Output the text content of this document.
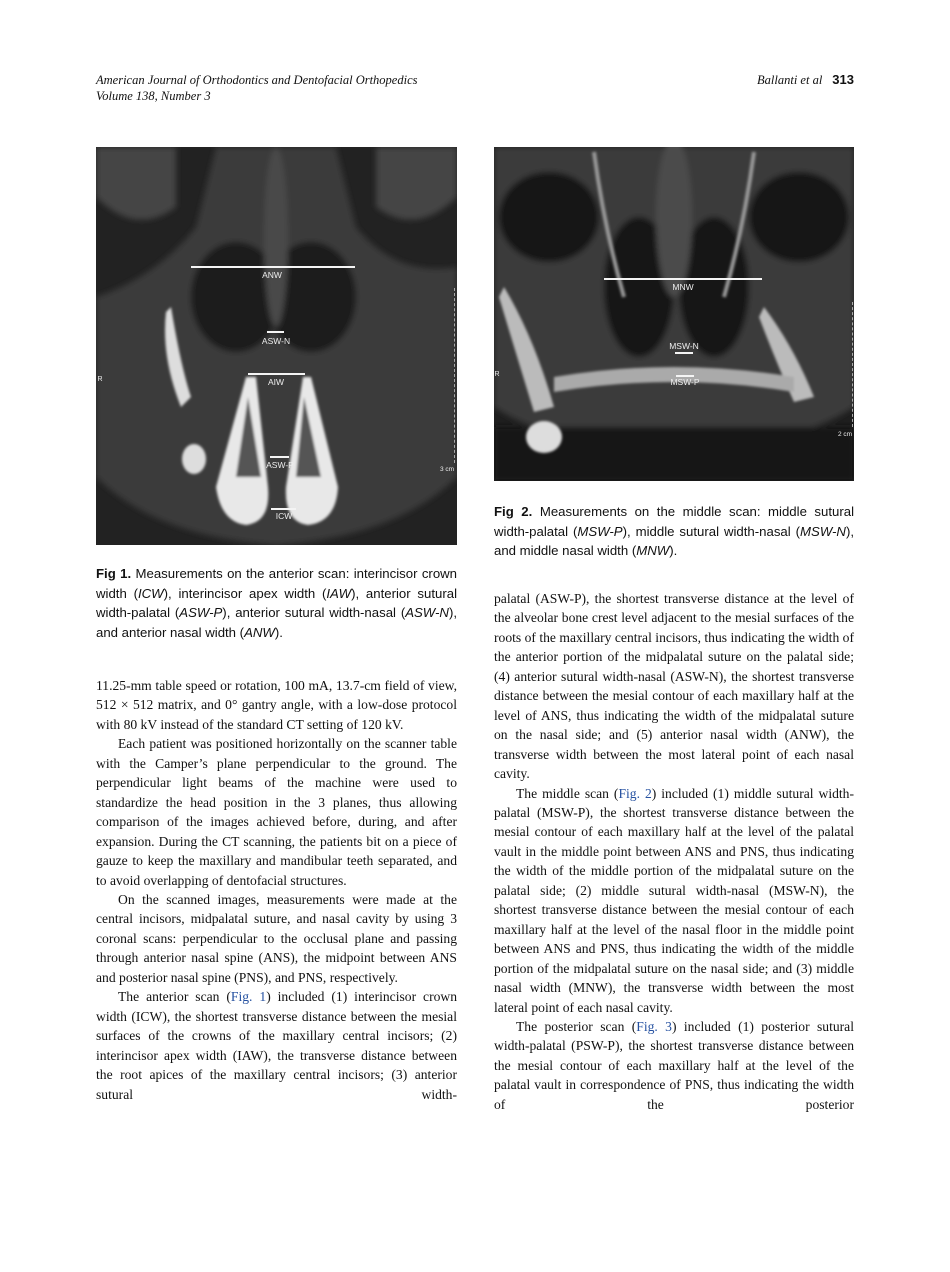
American Journal of Orthodontics and Dentofacial Orthopedics
Volume 138, Number 3
Ballanti et al 313
ANW
ASW-N
AIW
ASW-P
ICW
R
3 cm
Fig 1. Measurements on the anterior scan: interincisor crown width (ICW), interincisor apex width (IAW), anterior sutural width-palatal (ASW-P), anterior sutural width-nasal (ASW-N), and anterior nasal width (ANW).
MNW
MSW-N
MSW-P
R
2 cm
Fig 2. Measurements on the middle scan: middle sutural width-palatal (MSW-P), middle sutural width-nasal (MSW-N), and middle nasal width (MNW).

11.25-mm table speed or rotation, 100 mA, 13.7-cm field of view, 512 × 512 matrix, and 0° gantry angle, with a low-dose protocol with 80 kV instead of the standard CT setting of 120 kV.

Each patient was positioned horizontally on the scanner table with the Camper’s plane perpendicular to the ground. The perpendicular light beams of the machine were used to standardize the head position in the 3 planes, thus allowing comparison of the images achieved before, during, and after expansion. During the CT scanning, the patients bit on a piece of gauze to keep the maxillary and mandibular teeth separated, and to avoid overlapping of dentofacial structures.

On the scanned images, measurements were made at the central incisors, midpalatal suture, and nasal cavity by using 3 coronal scans: perpendicular to the occlusal plane and passing through anterior nasal spine (ANS), the midpoint between ANS and posterior nasal spine (PNS), and PNS, respectively.

The anterior scan (Fig. 1) included (1) interincisor crown width (ICW), the shortest transverse distance between the mesial surfaces of the crowns of the maxillary central incisors; (2) interincisor apex width (IAW), the transverse distance between the root apices of the maxillary central incisors; (3) anterior sutural width-

palatal (ASW-P), the shortest transverse distance at the level of the alveolar bone crest level adjacent to the mesial surfaces of the roots of the maxillary central incisors, thus indicating the width of the anterior portion of the midpalatal suture on the palatal side; (4) anterior sutural width-nasal (ASW-N), the shortest transverse distance between the mesial contour of each maxillary half at the level of ANS, thus indicating the width of the midpalatal suture on the nasal side; and (5) anterior nasal width (ANW), the transverse width between the most lateral point of each nasal cavity.

The middle scan (Fig. 2) included (1) middle sutural width-palatal (MSW-P), the shortest transverse distance between the mesial contour of each maxillary half at the level of the palatal vault in the middle point between ANS and PNS, thus indicating the width of the middle portion of the midpalatal suture on the palatal side; (2) middle sutural width-nasal (MSW-N), the shortest transverse distance between the mesial contour of each maxillary half at the level of the nasal floor in the middle point between ANS and PNS, thus indicating the width of the middle portion of the midpalatal suture on the nasal side; and (3) middle nasal width (MNW), the transverse width between the most lateral point of each nasal cavity.

The posterior scan (Fig. 3) included (1) posterior sutural width-palatal (PSW-P), the shortest transverse distance between the mesial contour of each maxillary half at the level of the palatal vault in correspondence of PNS, thus indicating the width of the posterior
